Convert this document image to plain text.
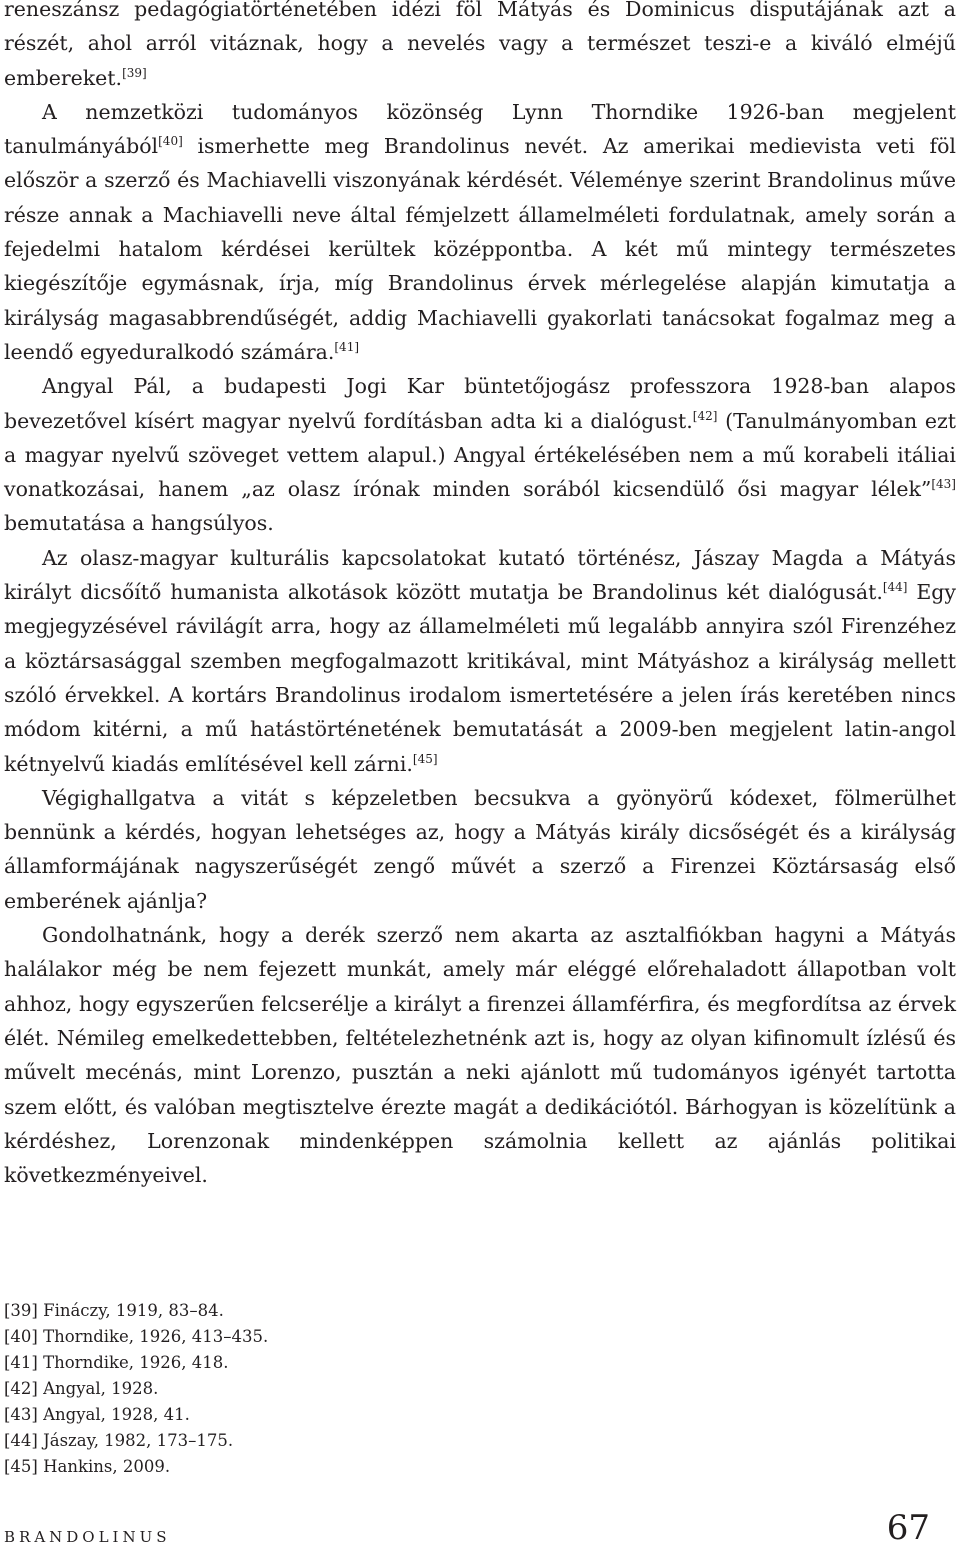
reneszánsz pedagógiatörténetében idézi föl Mátyás és Dominicus disputájának azt a részét, ahol arról vitáznak, hogy a nevelés vagy a természet teszi-e a kiváló elméjű embereket.[39]

A nemzetközi tudományos közönség Lynn Thorndike 1926-ban megjelent tanulmányából[40] ismerhette meg Brandolinus nevét. Az amerikai medievista veti föl először a szerző és Machiavelli viszonyának kérdését. Véleménye szerint Brandolinus műve része annak a Machiavelli neve által fémjelzett államelméleti fordulatnak, amely során a fejedelmi hatalom kérdései kerültek középpontba. A két mű mintegy természetes kiegészítője egymásnak, írja, míg Brandolinus érvek mérlegelése alapján kimutatja a királyság magasabbrendűségét, addig Machiavelli gyakorlati tanácsokat fogalmaz meg a leendő egyeduralkodó számára.[41]

Angyal Pál, a budapesti Jogi Kar büntetőjogász professzora 1928-ban alapos bevezetővel kísért magyar nyelvű fordításban adta ki a dialógust.[42] (Tanulmányomban ezt a magyar nyelvű szöveget vettem alapul.) Angyal értékelésében nem a mű korabeli itáliai vonatkozásai, hanem „az olasz írónak minden sorából kicsendülő ősi magyar lélek”[43] bemutatása a hangsúlyos.

Az olasz-magyar kulturális kapcsolatokat kutató történész, Jászay Magda a Mátyás királyt dicsőítő humanista alkotások között mutatja be Brandolinus két dialógusát.[44] Egy megjegyzésével rávilágít arra, hogy az államelméleti mű legalább annyira szól Firenzéhez a köztársasággal szemben megfogalmazott kritikával, mint Mátyáshoz a királyság mellett szóló érvekkel. A kortárs Brandolinus irodalom ismertetésére a jelen írás keretében nincs módom kitérni, a mű hatástörténetének bemutatását a 2009-ben megjelent latin-angol kétnyelvű kiadás említésével kell zárni.[45]

Végighallgatva a vitát s képzeletben becsukva a gyönyörű kódexet, fölmerülhet bennünk a kérdés, hogyan lehetséges az, hogy a Mátyás király dicsőségét és a királyság államformájának nagyszerűségét zengő művét a szerző a Firenzei Köztársaság első emberének ajánlja?

Gondolhatnánk, hogy a derék szerző nem akarta az asztalfiókban hagyni a Mátyás halálakor még be nem fejezett munkát, amely már eléggé előrehaladott állapotban volt ahhoz, hogy egyszerűen felcserélje a királyt a firenzei államférfira, és megfordítsa az érvek élét. Némileg emelkedettebben, feltételezhetnénk azt is, hogy az olyan kifinomult ízlésű és művelt mecénás, mint Lorenzo, pusztán a neki ajánlott mű tudományos igényét tartotta szem előtt, és valóban megtisztelve érezte magát a dedikációtól. Bárhogyan is közelítünk a kérdéshez, Lorenzonak mindenképpen számolnia kellett az ajánlás politikai következményeivel.

[39] Fináczy, 1919, 83–84.
[40] Thorndike, 1926, 413–435.
[41] Thorndike, 1926, 418.
[42] Angyal, 1928.
[43] Angyal, 1928, 41.
[44] Jászay, 1982, 173–175.
[45] Hankins, 2009.
BRANDOLINUS	67
